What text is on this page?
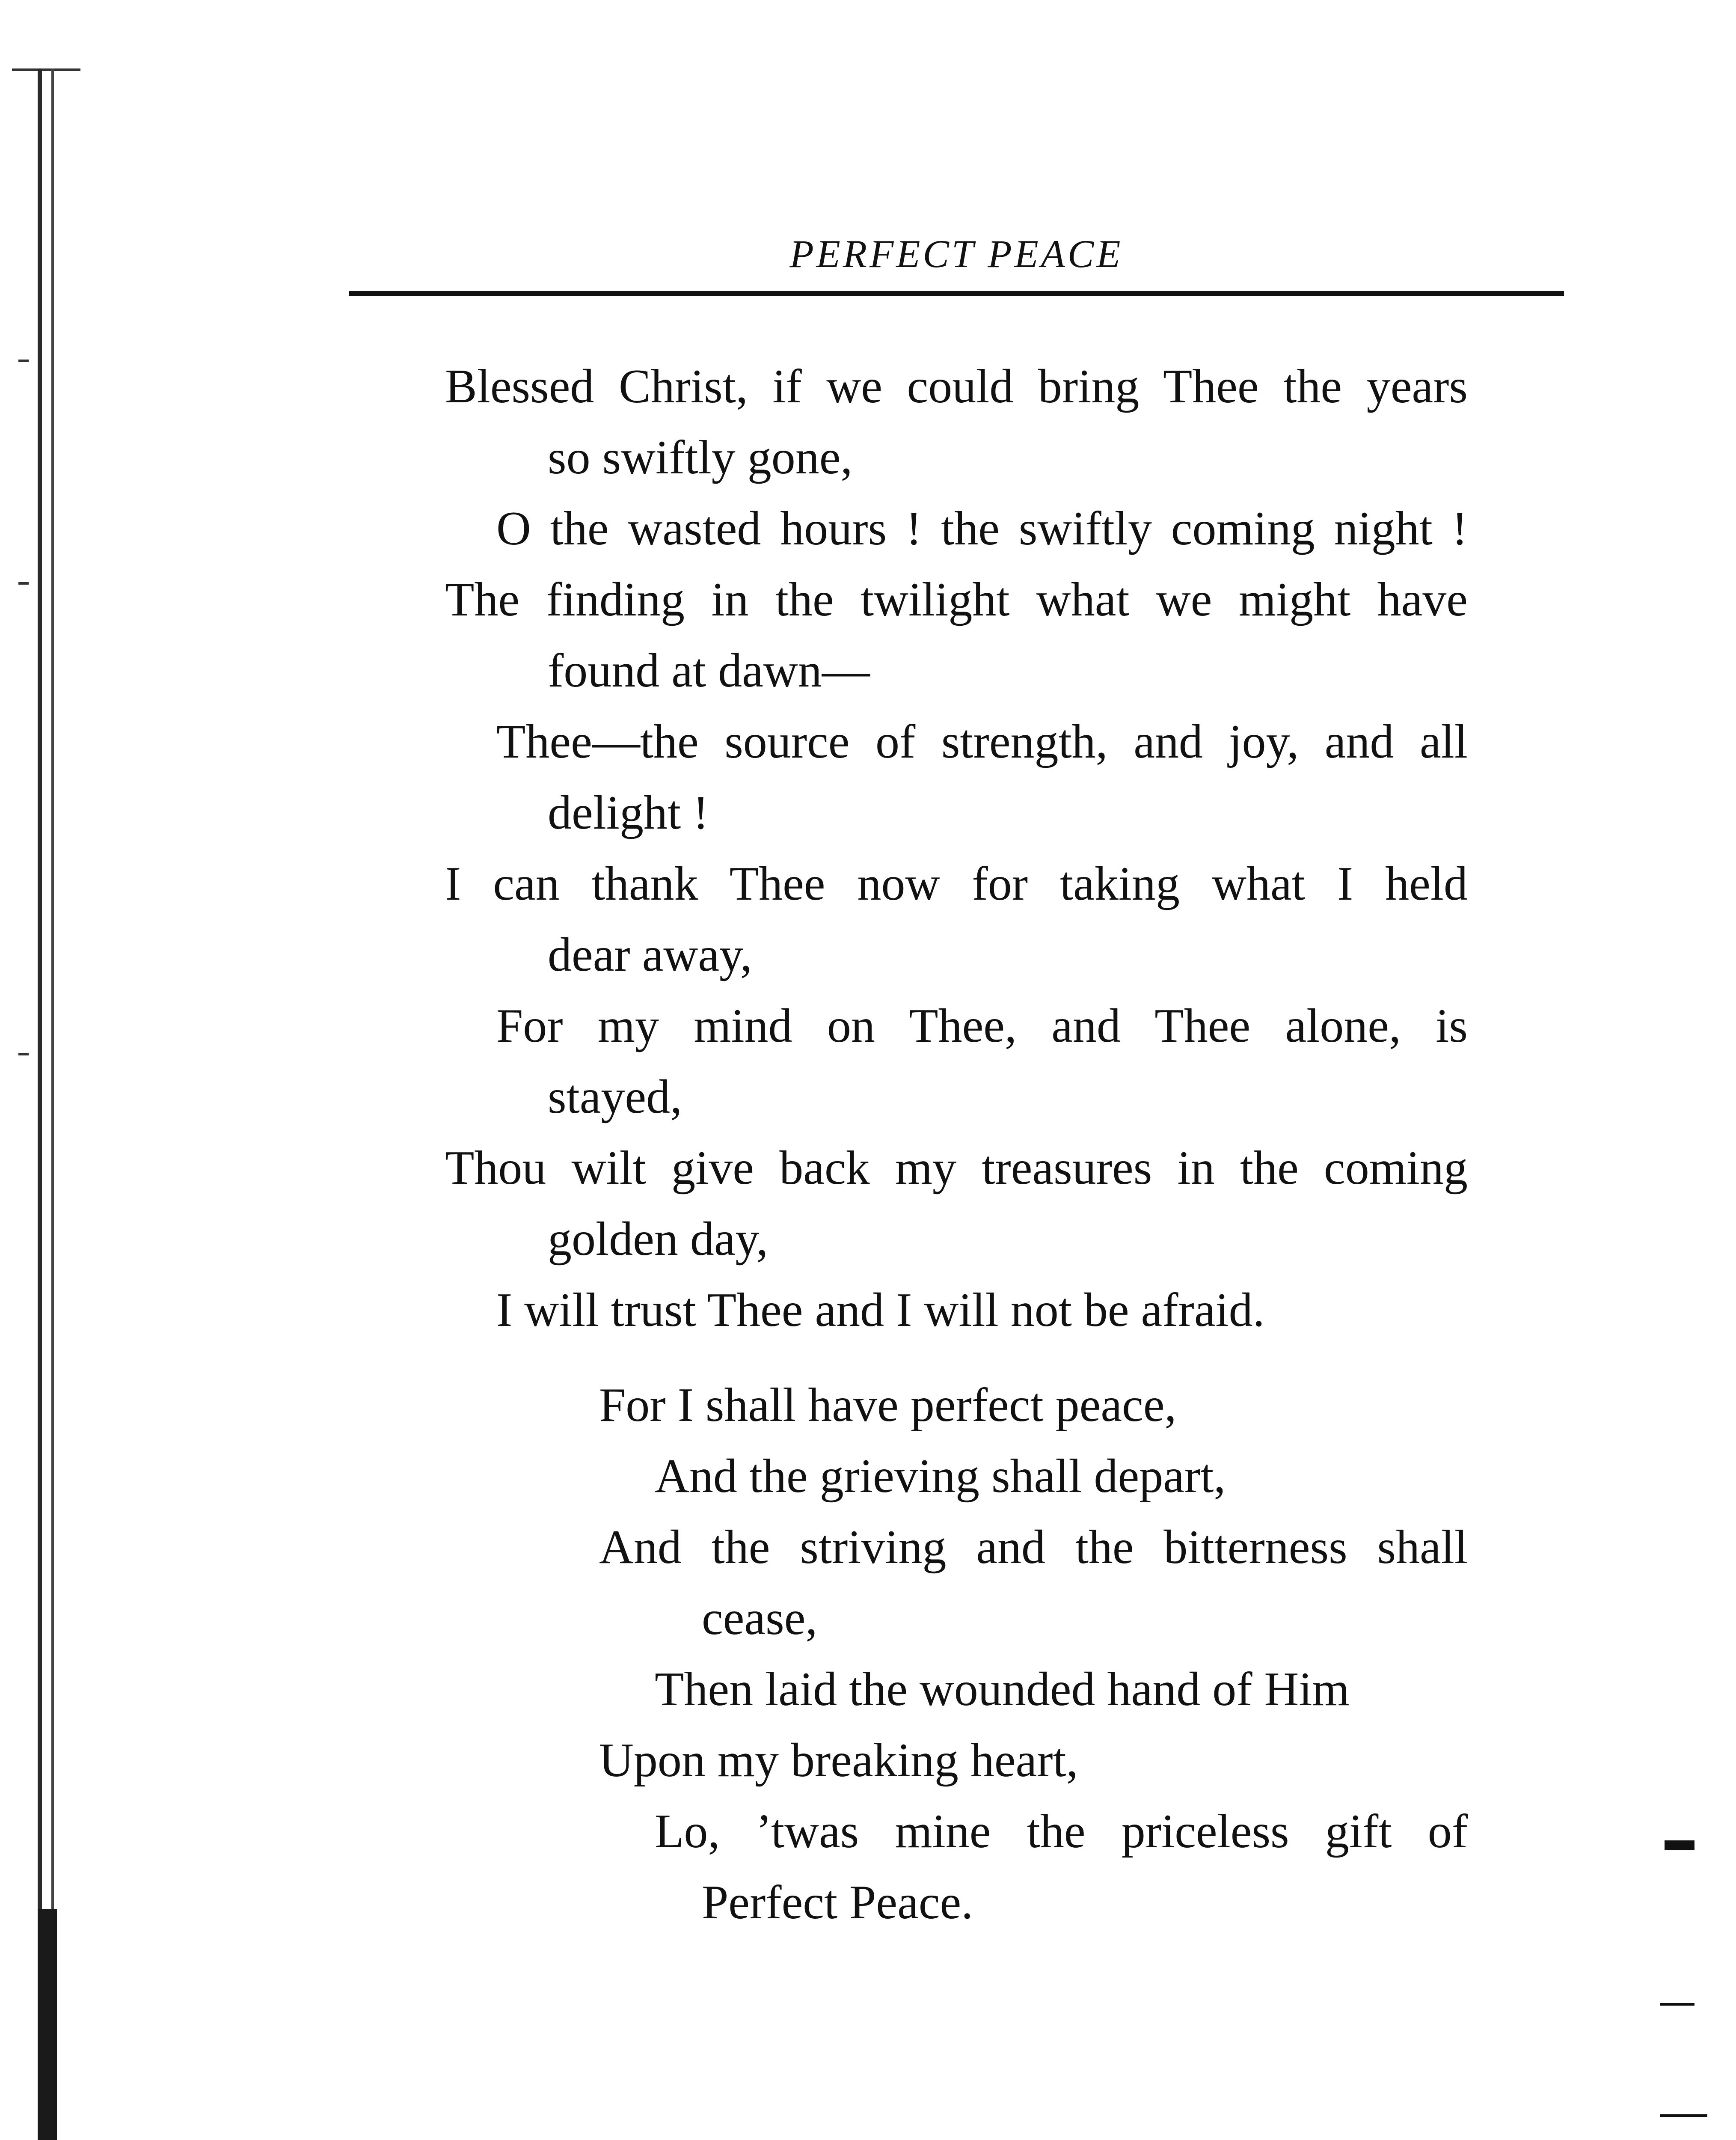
PERFECT PEACE
Blessed Christ, if we could bring Thee the years
so swiftly gone,
O the wasted hours ! the swiftly coming night !
The finding in the twilight what we might have
found at dawn—
Thee—the source of strength, and joy, and all
delight !
I can thank Thee now for taking what I held
dear away,
For my mind on Thee, and Thee alone, is
stayed,
Thou wilt give back my treasures in the coming
golden day,
I will trust Thee and I will not be afraid.
For I shall have perfect peace,
And the grieving shall depart,
And the striving and the bitterness shall
cease,
Then laid the wounded hand of Him
Upon my breaking heart,
Lo, ’twas mine the priceless gift of
Perfect Peace.
